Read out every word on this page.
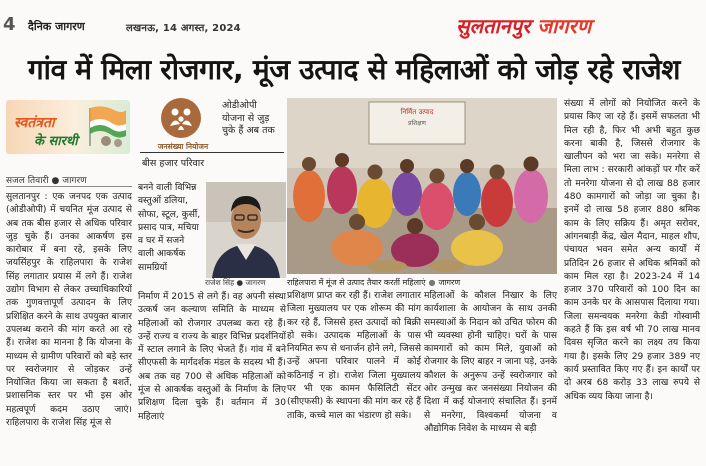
4 दैनिक जागरण	लखनऊ, 14 अगस्त, 2024	सुलतानपुर जागरण
गांव में मिला रोजगार, मूंज उत्पाद से महिलाओं को जोड़ रहे राजेश
स्वतंत्रता
के सारथी
सजल तिवारी ● जागरण
सुलतानपुर : एक जनपद एक उत्पाद (ओडीओपी) में चयनित मूंज उत्पाद से अब तक बीस हजार से अधिक परिवार जुड़ चुके हैं। उनका आकर्षण इस कारोबार में बना रहे, इसके लिए जयसिंहपुर के राहिलपारा के राजेश सिंह लगातार प्रयास में लगे हैं। राजेश उद्योग विभाग से लेकर उच्चाधिकारियों तक गुणवत्तापूर्ण उत्पादन के लिए प्रशिक्षित करने के साथ उपयुक्त बाजार उपलब्ध कराने की मांग करते आ रहे हैं। राजेश का मानना है कि योजना के माध्यम से ग्रामीण परिवारों को बड़े स्तर पर स्वरोजगार से जोड़कर उन्हें नियोजित किया जा सकता है बशर्ते, प्रशासनिक स्तर पर भी इस ओर महत्वपूर्ण कदम उठाए जाएं। राहिलपारा के राजेश सिंह मूंज से
जनसंख्या नियोजन
ओडीओपी योजना से जुड़ चुके हैं अब तक
बीस हजार परिवार
बनने वाली विभिन्न वस्तुओं डलिया, सोफा, स्टूल, कुर्सी, प्रसाद पात्र, मचिया व घर में सजने वाली आकर्षक सामग्रियों
राजेश सिंह ● जागरण
निर्माण में 2015 से लगे हैं। वह अपनी संस्था उत्कर्ष जन कल्याण समिति के माध्यम से महिलाओं को रोजगार उपलब्ध करा रहे हैं। उन्हें राज्य व राज्य के बाहर विभिन्न प्रदर्शनियों में स्टाल लगाने के लिए भेजते हैं। गांव में बने सीएफसी के मार्गदर्शक मंडल के सदस्य भी हैं। अब तक वह 700 से अधिक महिलाओं को मूंज से आकर्षक वस्तुओं के निर्माण के लिए प्रशिक्षण दिला चुके हैं। वर्तमान में 30 महिलाएं
निर्मित उत्पाद
प्रशिक्षण
राहिलपारा में मूंज से उत्पाद तैयार करतीं महिलाएं ● जागरण
प्रशिक्षण प्राप्त कर रही हैं। राजेश लगातार जिला मुख्यालय पर एक शोरूम की मांग कर रहे हैं, जिससे हस्त उत्पादों को बिक्री हो सके। उत्पादक महिलाओं के पास नियमित रूप से धनार्जन होने लगे, जिससे उन्हें अपना परिवार पालने में कोई कठिनाई न हो। राजेश जिला मुख्यालय पर भी एक कामन फैसिलिटी सेंटर (सीएफसी) के स्थापना की मांग कर रहे हैं ताकि, कच्चे माल का भंडारण हो सके।
महिलाओं के कौशल निखार के लिए कार्यशाला के आयोजन के साथ उनकी समस्याओं के निदान को उचित फोरम की भी व्यवस्था होनी चाहिए। घरों के पास कामगारों को काम मिले, युवाओं को रोजगार के लिए बाहर न जाना पड़े, उनके कौशल के अनुरूप उन्हें स्वरोजगार को ओर उन्मुख कर जनसंख्या नियोजन की दिशा में कई योजनाएं संचालित हैं। इनमें से मनरेगा, विश्वकर्मा योजना व औद्योगिक निवेश के माध्यम से बड़ी
संख्या में लोगों को नियोजित करने के प्रयास किए जा रहे हैं। इसमें सफलता भी मिल रही है, फिर भी अभी बहुत कुछ करना बाकी है, जिससे रोजगार के खालीपन को भरा जा सके। मनरेगा से मिला लाभ : सरकारी आंकड़ों पर गौर करें तो मनरेगा योजना से दो लाख 88 हजार 480 कामगारों को जोड़ा जा चुका है। इनमें दो लाख 58 हजार 880 श्रमिक काम के लिए सक्रिय हैं। अमृत सरोवर, आंगनबाड़ी केंद्र, खेल मैदान, माहल शौप, पंचायत भवन समेत अन्य कार्यों में प्रतिदिन 26 हजार से अधिक श्रमिकों को काम मिल रहा है। 2023-24 में 14 हजार 370 परिवारों को 100 दिन का काम उनके घर के आसपास दिलाया गया। जिला समन्वयक मनरेगा केडी गोस्वामी कहते हैं कि इस वर्ष भी 70 लाख मानव दिवस सृजित करने का लक्ष्य तय किया गया है। इसके लिए 29 हजार 389 नए कार्य प्रस्तावित किए गए हैं। इन कार्यों पर दो अरब 68 करोड़ 33 लाख रुपये से अधिक व्यय किया जाना है।
